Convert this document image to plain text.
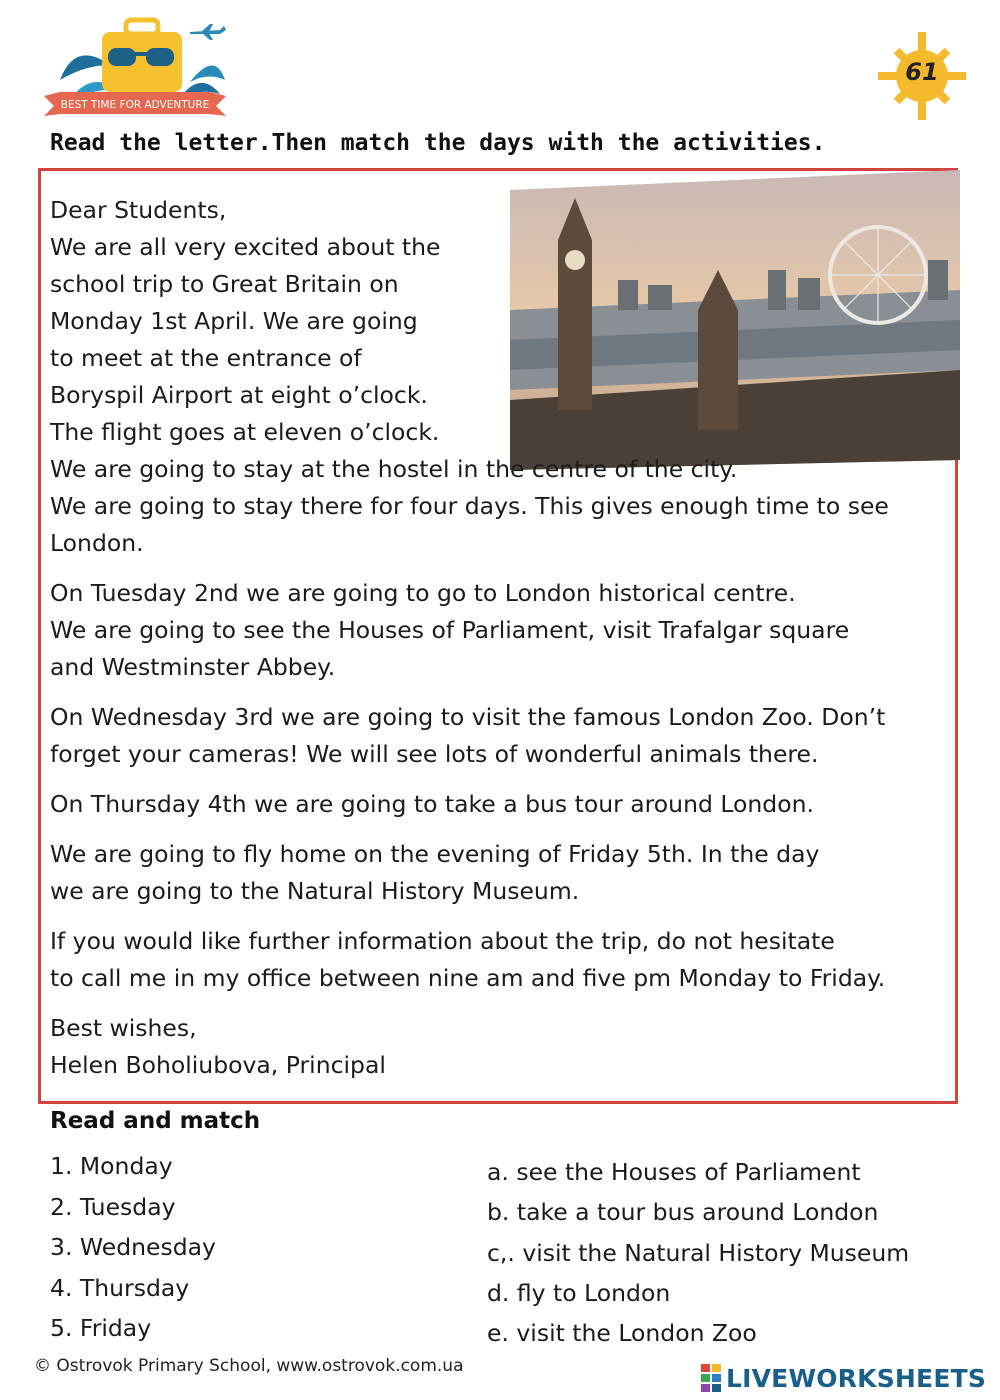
BEST TIME FOR ADVENTURE
61

Read the letter.Then match the days with the activities.

Dear Students,
We are all very excited about the
school trip to Great Britain on
Monday 1st April. We are going
to meet at the entrance of
Boryspil Airport at eight o’clock.
The flight goes at eleven o’clock.
We are going to stay at the hostel in the centre of the city.
We are going to stay there for four days. This gives enough time to see
London.

On Tuesday 2nd we are going to go to London historical centre.
We are going to see the Houses of Parliament, visit Trafalgar square
and Westminster Abbey.

On Wednesday 3rd we are going to visit the famous London Zoo. Don’t
forget your cameras! We will see lots of wonderful animals there.

On Thursday 4th we are going to take a bus tour around London.

We are going to fly home on the evening of Friday 5th. In the day
we are going to the Natural History Museum.

If you would like further information about the trip, do not hesitate
to call me in my office between nine am and five pm Monday to Friday.

Best wishes,
Helen Boholiubova, Principal

Read and match

1. Monday
2. Tuesday
3. Wednesday
4. Thursday
5. Friday
a. see the Houses of Parliament
b. take a tour bus around London
c,. visit the Natural History Museum
d. fly to London
e. visit the London Zoo
© Ostrovok Primary School, www.ostrovok.com.ua	LIVEWORKSHEETS
